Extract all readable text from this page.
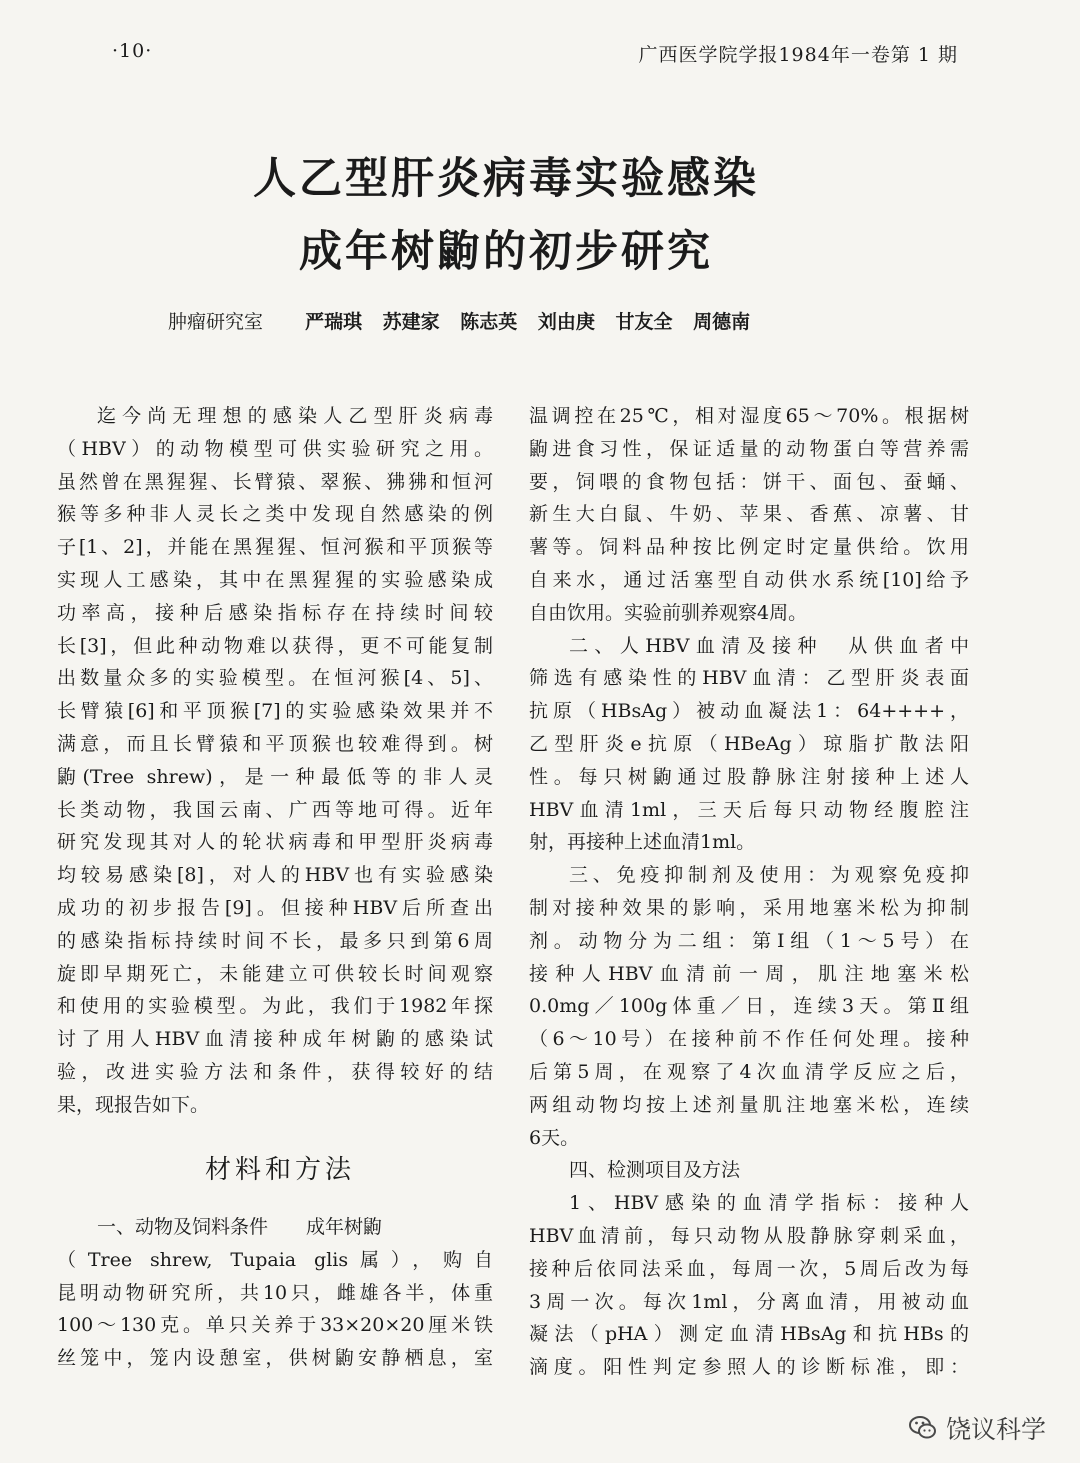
·10·	广西医学院学报1984年一卷第 1 期
人乙型肝炎病毒实验感染
成年树鼩的初步研究
肿瘤研究室 严瑞琪 苏建家 陈志英 刘由庚 甘友全 周德南
迄今尚无理想的感染人乙型肝炎病毒
（HBV）的动物模型可供实验研究之用。
虽然曾在黑猩猩、长臂猿、翠猴、狒狒和恒河
猴等多种非人灵长之类中发现自然感染的例
子[1、2]，并能在黑猩猩、恒河猴和平顶猴等
实现人工感染，其中在黑猩猩的实验感染成
功率高，接种后感染指标存在持续时间较
长[3]，但此种动物难以获得，更不可能复制
出数量众多的实验模型。在恒河猴[4、5]、
长臂猿[6]和平顶猴[7]的实验感染效果并不
满意，而且长臂猿和平顶猴也较难得到。树
鼩(Tree shrew)，是一种最低等的非人灵
长类动物，我国云南、广西等地可得。近年
研究发现其对人的轮状病毒和甲型肝炎病毒
均较易感染[8]，对人的HBV也有实验感染
成功的初步报告[9]。但接种HBV后所查出
的感染指标持续时间不长，最多只到第6周
旋即早期死亡，未能建立可供较长时间观察
和使用的实验模型。为此，我们于1982年探
讨了用人HBV血清接种成年树鼩的感染试
验，改进实验方法和条件，获得较好的结
果，现报告如下。
材料和方法
一、动物及饲料条件　　成年树鼩
（Tree shrew, Tupaia glis属），购自
昆明动物研究所，共10只，雌雄各半，体重
100～130克。单只关养于33×20×20厘米铁
丝笼中，笼内设憩室，供树鼩安静栖息，室
温调控在25℃，相对湿度65～70%。根据树
鼩进食习性，保证适量的动物蛋白等营养需
要，饲喂的食物包括：饼干、面包、蚕蛹、
新生大白鼠、牛奶、苹果、香蕉、凉薯、甘
薯等。饲料品种按比例定时定量供给。饮用
自来水，通过活塞型自动供水系统[10]给予
自由饮用。实验前驯养观察4周。
二、人HBV血清及接种　从供血者中
筛选有感染性的HBV血清：乙型肝炎表面
抗原（HBsAg）被动血凝法1：64++++，
乙型肝炎e抗原（HBeAg）琼脂扩散法阳
性。每只树鼩通过股静脉注射接种上述人
HBV血清1ml，三天后每只动物经腹腔注
射，再接种上述血清1ml。
三、免疫抑制剂及使用：为观察免疫抑
制对接种效果的影响，采用地塞米松为抑制
剂。动物分为二组：第Ⅰ组（1～5号）在
接种人HBV血清前一周，肌注地塞米松
0.0mg／100g体重／日，连续3天。第Ⅱ组
（6～10号）在接种前不作任何处理。接种
后第5周，在观察了4次血清学反应之后，
两组动物均按上述剂量肌注地塞米松，连续
6天。
四、检测项目及方法
1、HBV感染的血清学指标：接种人
HBV血清前，每只动物从股静脉穿刺采血，
接种后依同法采血，每周一次，5周后改为每
3周一次。每次1ml，分离血清，用被动血
凝法（pHA）测定血清HBsAg和抗HBs的
滴度。阳性判定参照人的诊断标准，即：
饶议科学
